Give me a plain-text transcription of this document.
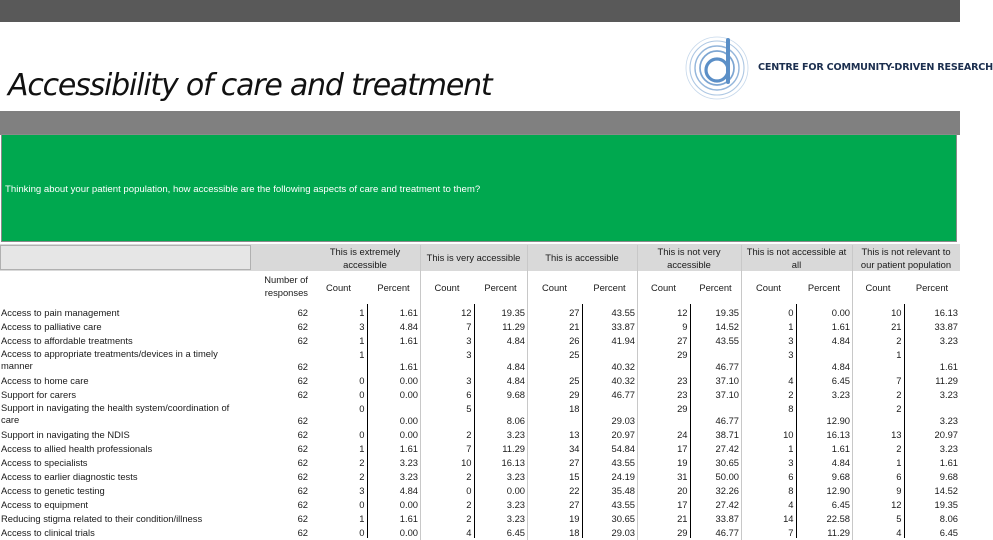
Accessibility of care and treatment
CENTRE FOR COMMUNITY-DRIVEN RESEARCH
Thinking about your patient population, how accessible are the following aspects of care and treatment to them?
		This is extremely accessible		This is very accessible		This is accessible		This is not very accessible		This is not accessible at all		This is not relevant to our patient population	
	Number of responses	Count	Percent	Count	Percent	Count	Percent	Count	Percent	Count	Percent	Count	Percent
Access to pain management	62	1	1.61	12	19.35	27	43.55	12	19.35	0	0.00	10	16.13
Access to palliative care	62	3	4.84	7	11.29	21	33.87	9	14.52	1	1.61	21	33.87
Access to affordable treatments	62	1	1.61	3	4.84	26	41.94	27	43.55	3	4.84	2	3.23
Access to appropriate treatments/devices in a timely manner	62	1	1.61	3	4.84	25	40.32	29	46.77	3	4.84	1	1.61
Access to home care	62	0	0.00	3	4.84	25	40.32	23	37.10	4	6.45	7	11.29
Support for carers	62	0	0.00	6	9.68	29	46.77	23	37.10	2	3.23	2	3.23
Support in navigating the health system/coordination of care	62	0	0.00	5	8.06	18	29.03	29	46.77	8	12.90	2	3.23
Support in navigating the NDIS	62	0	0.00	2	3.23	13	20.97	24	38.71	10	16.13	13	20.97
Access to allied health professionals	62	1	1.61	7	11.29	34	54.84	17	27.42	1	1.61	2	3.23
Access to specialists	62	2	3.23	10	16.13	27	43.55	19	30.65	3	4.84	1	1.61
Access to earlier diagnostic tests	62	2	3.23	2	3.23	15	24.19	31	50.00	6	9.68	6	9.68
Access to genetic testing	62	3	4.84	0	0.00	22	35.48	20	32.26	8	12.90	9	14.52
Access to equipment	62	0	0.00	2	3.23	27	43.55	17	27.42	4	6.45	12	19.35
Reducing stigma related to their condition/illness	62	1	1.61	2	3.23	19	30.65	21	33.87	14	22.58	5	8.06
Access to clinical trials	62	0	0.00	4	6.45	18	29.03	29	46.77	7	11.29	4	6.45
